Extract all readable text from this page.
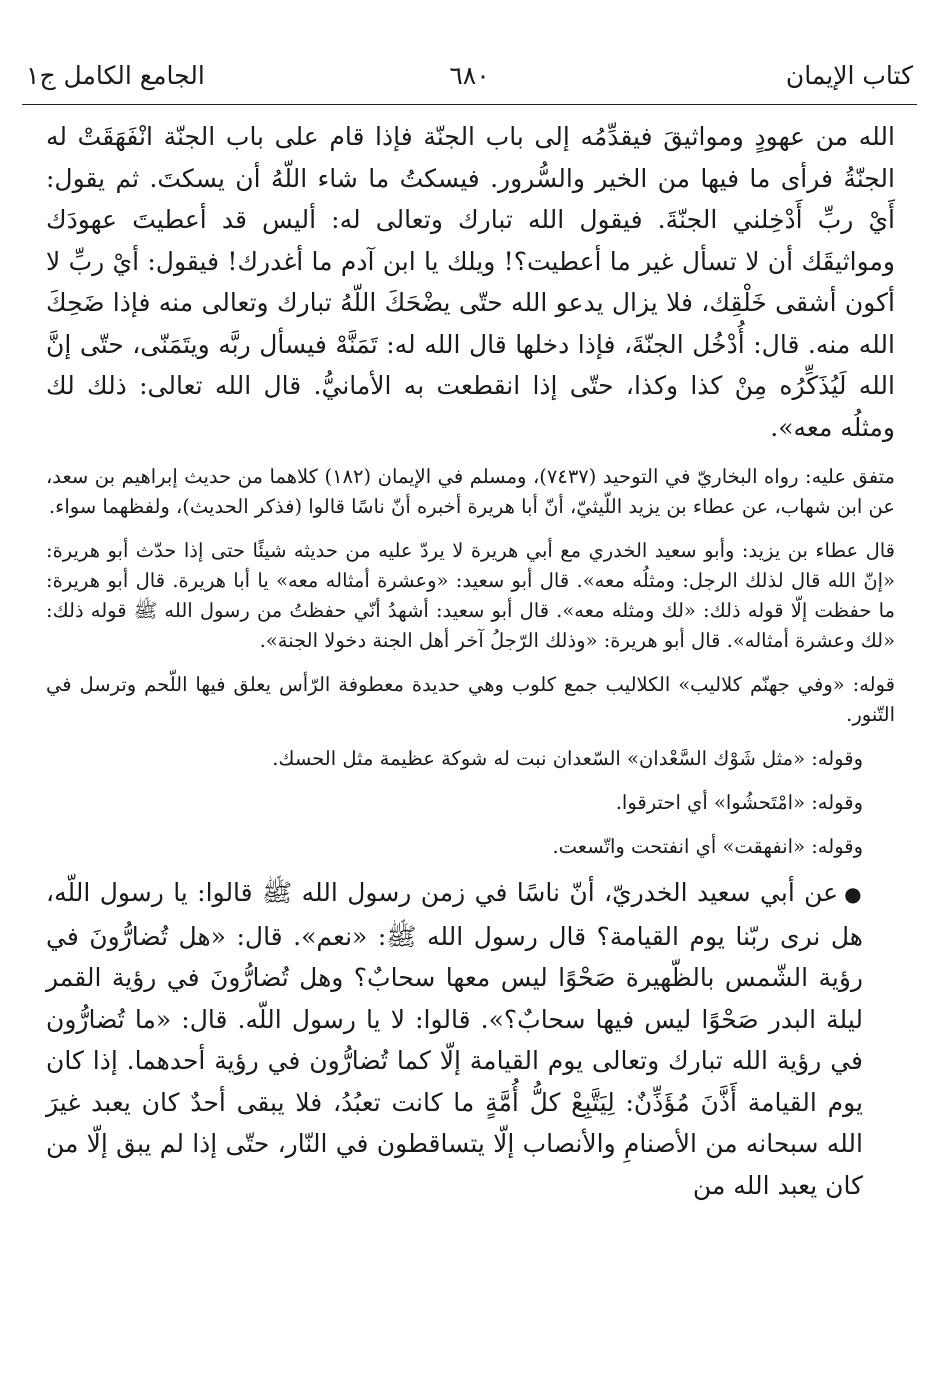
كتاب الإيمان
٦٨٠
الجامع الكامل ج١

الله من عهودٍ ومواثيقَ فيقدِّمُه إلى باب الجنّة فإذا قام على باب الجنّة انْفَهَقَتْ له الجنّةُ فرأى ما فيها من الخير والسُّرور. فيسكتُ ما شاء اللّهُ أن يسكتَ. ثم يقول: أَيْ ربِّ أَدْخِلني الجنّةَ. فيقول الله تبارك وتعالى له: أليس قد أعطيتَ عهودَك ومواثيقَك أن لا تسأل غير ما أعطيت؟! ويلك يا ابن آدم ما أغدرك! فيقول: أيْ ربِّ لا أكون أشقى خَلْقِك، فلا يزال يدعو الله حتّى يضْحَكَ اللّهُ تبارك وتعالى منه فإذا ضَحِكَ الله منه. قال: أُدْخُل الجنّةَ، فإذا دخلها قال الله له: تَمَنَّهْ فيسأل ربَّه ويتَمَنّى، حتّى إنَّ الله لَيُذَكِّرُه مِنْ كذا وكذا، حتّى إذا انقطعت به الأمانيُّ. قال الله تعالى: ذلك لك ومثلُه معه».

متفق عليه: رواه البخاريّ في التوحيد (٧٤٣٧)، ومسلم في الإيمان (١٨٢) كلاهما من حديث إبراهيم بن سعد، عن ابن شهاب، عن عطاء بن يزيد اللّيثيّ، أنّ أبا هريرة أخبره أنّ ناسًا قالوا (فذكر الحديث)، ولفظهما سواء.

قال عطاء بن يزيد: وأبو سعيد الخدري مع أبي هريرة لا يردّ عليه من حديثه شيئًا حتى إذا حدّث أبو هريرة: «إنّ الله قال لذلك الرجل: ومثلُه معه». قال أبو سعيد: «وعشرة أمثاله معه» يا أبا هريرة. قال أبو هريرة: ما حفظت إلّا قوله ذلك: «لك ومثله معه». قال أبو سعيد: أشهدُ أنّي حفظتُ من رسول الله ﷺ قوله ذلك: «لك وعشرة أمثاله». قال أبو هريرة: «وذلك الرّجلُ آخر أهل الجنة دخولا الجنة».

قوله: «وفي جهنّم كلاليب» الكلاليب جمع كلوب وهي حديدة معطوفة الرّأس يعلق فيها اللّحم وترسل في التّنور.

وقوله: «مثل شَوْك السَّعْدان» السّعدان نبت له شوكة عظيمة مثل الحسك.

وقوله: «امْتَحشُوا» أي احترقوا.

وقوله: «انفهقت» أي انفتحت واتّسعت.

●عن أبي سعيد الخدريّ، أنّ ناسًا في زمن رسول الله ﷺ قالوا: يا رسول اللّه، هل نرى ربّنا يوم القيامة؟ قال رسول الله ﷺ: «نعم». قال: «هل تُضارُّونَ في رؤية الشّمس بالظّهيرة صَحْوًا ليس معها سحابٌ؟ وهل تُضارُّونَ في رؤية القمر ليلة البدر صَحْوًا ليس فيها سحابٌ؟». قالوا: لا يا رسول اللّه. قال: «ما تُضارُّون في رؤية الله تبارك وتعالى يوم القيامة إلّا كما تُضارُّون في رؤية أحدهما. إذا كان يوم القيامة أَذَّنَ مُؤَذِّنٌ: لِيَتَّبِعْ كلُّ أُمَّةٍ ما كانت تعبُدُ، فلا يبقى أحدٌ كان يعبد غيرَ الله سبحانه من الأصنامِ والأنصاب إلّا يتساقطون في النّار، حتّى إذا لم يبق إلّا من كان يعبد الله من
